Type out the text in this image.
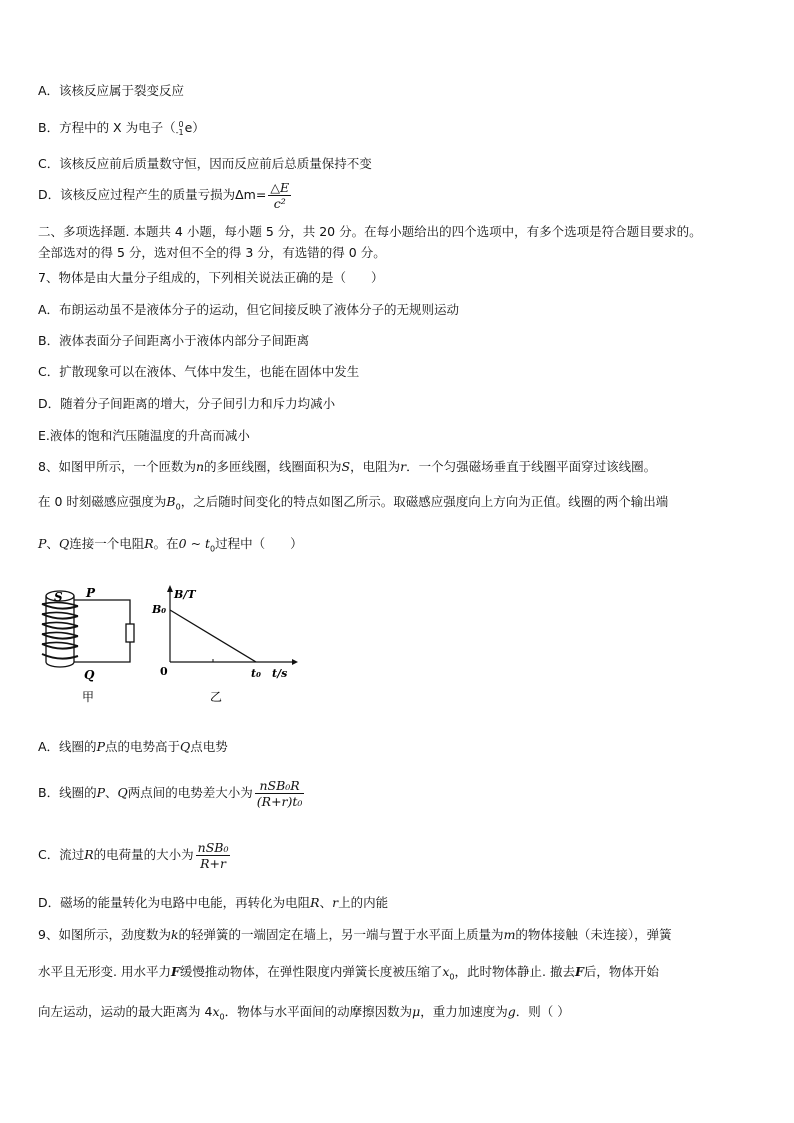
A．该核反应属于裂变反应
B．方程中的 X 为电子（ 0
-1 e）
C．该核反应前后质量数守恒，因而反应前后总质量保持不变
D．该核反应过程产生的质量亏损为$\Delta m= \frac{\triangle E}{\text{c²}}$
二、多项选择题. 本题共 4 小题，每小题 5 分，共 20 分。在每小题给出的四个选项中，有多个选项是符合题目要求的。
全部选对的得 5 分，选对但不全的得 3 分，有选错的得 0 分。
7、物体是由大量分子组成的，下列相关说法正确的是（　　）
A．布朗运动虽不是液体分子的运动，但它间接反映了液体分子的无规则运动
B．液体表面分子间距离小于液体内部分子间距离
C．扩散现象可以在液体、气体中发生，也能在固体中发生
D．随着分子间距离的增大，分子间引力和斥力均减小
E.液体的饱和汽压随温度的升高而减小
8、如图甲所示，一个匝数为n的多匝线圈，线圈面积为S，电阻为r．一个匀强磁场垂直于线圈平面穿过该线圈。
在 0 时刻磁感应强度为$B_0$，之后随时间变化的特点如图乙所示。取磁感应强度向上方向为正值。线圈的两个输出端
P、Q连接一个电阻R。在0 ~ $t_0$过程中（　　）
S P
Q
甲
B/T
B₀
0	t₀ t/s
乙
A．线圈的P点的电势高于Q点电势
B．线圈的P、Q两点间的电势差大小为 $\frac{\text{nSB₀R}}{\text{(R+r)t₀}}$
C．流过R的电荷量的大小为 $\frac{\text{nSB₀}}{R+r}$
D．磁场的能量转化为电路中电能，再转化为电阻R、r上的内能
9、如图所示，劲度数为k的轻弹簧的一端固定在墙上，另一端与置于水平面上质量为m的物体接触（未连接），弹簧
水平且无形变. 用水平力F缓慢推动物体，在弹性限度内弹簧长度被压缩了$x_0$，此时物体静止. 撤去F后，物体开始
向左运动，运动的最大距离为 $4x_0$．物体与水平面间的动摩擦因数为μ，重力加速度为g．则（ ）
